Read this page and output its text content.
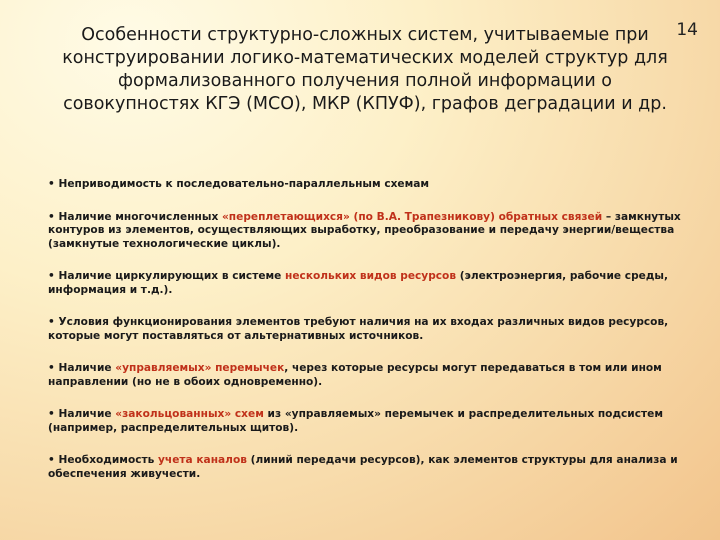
14
Особенности структурно-сложных систем, учитываемые при конструировании логико-математических моделей структур для формализованного получения полной информации о совокупностях КГЭ (МСО), МКР (КПУФ), графов деградации и др.
• Неприводимость к последовательно-параллельным схемам
• Наличие многочисленных «переплетающихся» (по В.А. Трапезникову) обратных связей – замкнутых контуров из элементов, осуществляющих выработку, преобразование и передачу энергии/вещества (замкнутые технологические циклы).
• Наличие циркулирующих в системе нескольких видов ресурсов (электроэнергия, рабочие среды, информация и т.д.).
• Условия функционирования элементов требуют наличия на их входах различных видов ресурсов, которые могут поставляться от альтернативных источников.
• Наличие «управляемых» перемычек, через которые ресурсы могут передаваться в том или ином направлении (но не в обоих одновременно).
• Наличие «закольцованных» схем из «управляемых» перемычек и распределительных подсистем (например, распределительных щитов).
• Необходимость учета каналов (линий передачи ресурсов), как элементов структуры для анализа и обеспечения живучести.
